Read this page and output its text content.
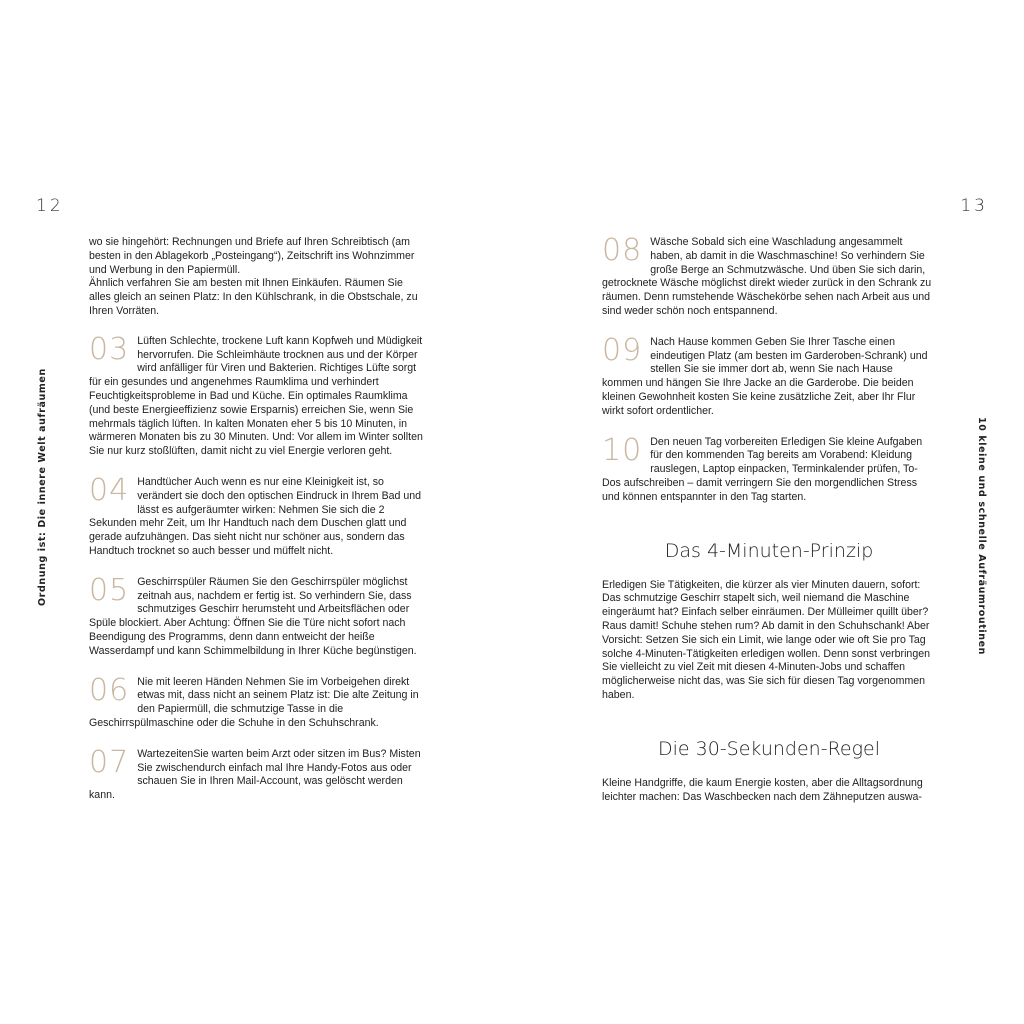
12	13
Ordnung ist: Die innere Welt aufräumen	10 kleine und schnelle Aufräumroutinen

wo sie hingehört: Rechnungen und Briefe auf Ihren Schreibtisch (am besten in den Ablagekorb „Posteingang“), Zeitschrift ins Wohnzimmer und Werbung in den Papiermüll.
Ähnlich verfahren Sie am besten mit Ihnen Einkäufen. Räumen Sie alles gleich an seinen Platz: In den Kühlschrank, in die Obstschale, zu Ihren Vorräten.

03 Lüften Schlechte, trockene Luft kann Kopfweh und Müdigkeit hervorrufen. Die Schleimhäute trocknen aus und der Körper wird anfälliger für Viren und Bakterien. Richtiges Lüfte sorgt für ein gesundes und angenehmes Raumklima und verhindert Feuchtigkeitsprobleme in Bad und Küche. Ein optimales Raumklima (und beste Energieeffizienz sowie Ersparnis) erreichen Sie, wenn Sie mehrmals täglich lüften. In kalten Monaten eher 5 bis 10 Minuten, in wärmeren Monaten bis zu 30 Minuten. Und: Vor allem im Winter sollten Sie nur kurz stoßlüften, damit nicht zu viel Energie verloren geht.
04 Handtücher Auch wenn es nur eine Kleinigkeit ist, so verändert sie doch den optischen Eindruck in Ihrem Bad und lässt es aufgeräumter wirken: Nehmen Sie sich die 2 Sekunden mehr Zeit, um Ihr Handtuch nach dem Duschen glatt und gerade aufzuhängen. Das sieht nicht nur schöner aus, sondern das Handtuch trocknet so auch besser und müffelt nicht.
05 Geschirrspüler Räumen Sie den Geschirrspüler möglichst zeitnah aus, nachdem er fertig ist. So verhindern Sie, dass schmutziges Geschirr herumsteht und Arbeitsflächen oder Spüle blockiert. Aber Achtung: Öffnen Sie die Türe nicht sofort nach Beendigung des Programms, denn dann entweicht der heiße Wasserdampf und kann Schimmelbildung in Ihrer Küche begünstigen.
06 Nie mit leeren Händen Nehmen Sie im Vorbeigehen direkt etwas mit, dass nicht an seinem Platz ist: Die alte Zeitung in den Papiermüll, die schmutzige Tasse in die Geschirrspülmaschine oder die Schuhe in den Schuhschrank.
07 WartezeitenSie warten beim Arzt oder sitzen im Bus? Misten Sie zwischendurch einfach mal Ihre Handy-Fotos aus oder schauen Sie in Ihren Mail-Account, was gelöscht werden kann.
08 Wäsche Sobald sich eine Waschladung angesammelt haben, ab damit in die Waschmaschine! So verhindern Sie große Berge an Schmutzwäsche. Und üben Sie sich darin, getrocknete Wäsche möglichst direkt wieder zurück in den Schrank zu räumen. Denn rumstehende Wäschekörbe sehen nach Arbeit aus und sind weder schön noch entspannend.
09 Nach Hause kommen Geben Sie Ihrer Tasche einen eindeutigen Platz (am besten im Garderoben-Schrank) und stellen Sie sie immer dort ab, wenn Sie nach Hause kommen und hängen Sie Ihre Jacke an die Garderobe. Die beiden kleinen Gewohnheit kosten Sie keine zusätzliche Zeit, aber Ihr Flur wirkt sofort ordentlicher.
10 Den neuen Tag vorbereiten Erledigen Sie kleine Aufgaben für den kommenden Tag bereits am Vorabend: Kleidung rauslegen, Laptop einpacken, Terminkalender prüfen, To-Dos aufschreiben – damit verringern Sie den morgendlichen Stress und können entspannter in den Tag starten.
Das 4-Minuten-Prinzip

Erledigen Sie Tätigkeiten, die kürzer als vier Minuten dauern, sofort: Das schmutzige Geschirr stapelt sich, weil niemand die Maschine eingeräumt hat? Einfach selber einräumen. Der Mülleimer quillt über? Raus damit! Schuhe stehen rum? Ab damit in den Schuhschank! Aber Vorsicht: Setzen Sie sich ein Limit, wie lange oder wie oft Sie pro Tag solche 4-Minuten-Tätigkeiten erledigen wollen. Denn sonst verbringen Sie vielleicht zu viel Zeit mit diesen 4-Minuten-Jobs und schaffen möglicherweise nicht das, was Sie sich für diesen Tag vorgenommen haben.

Die 30-Sekunden-Regel

Kleine Handgriffe, die kaum Energie kosten, aber die Alltagsordnung leichter machen: Das Waschbecken nach dem Zähneputzen auswa-
